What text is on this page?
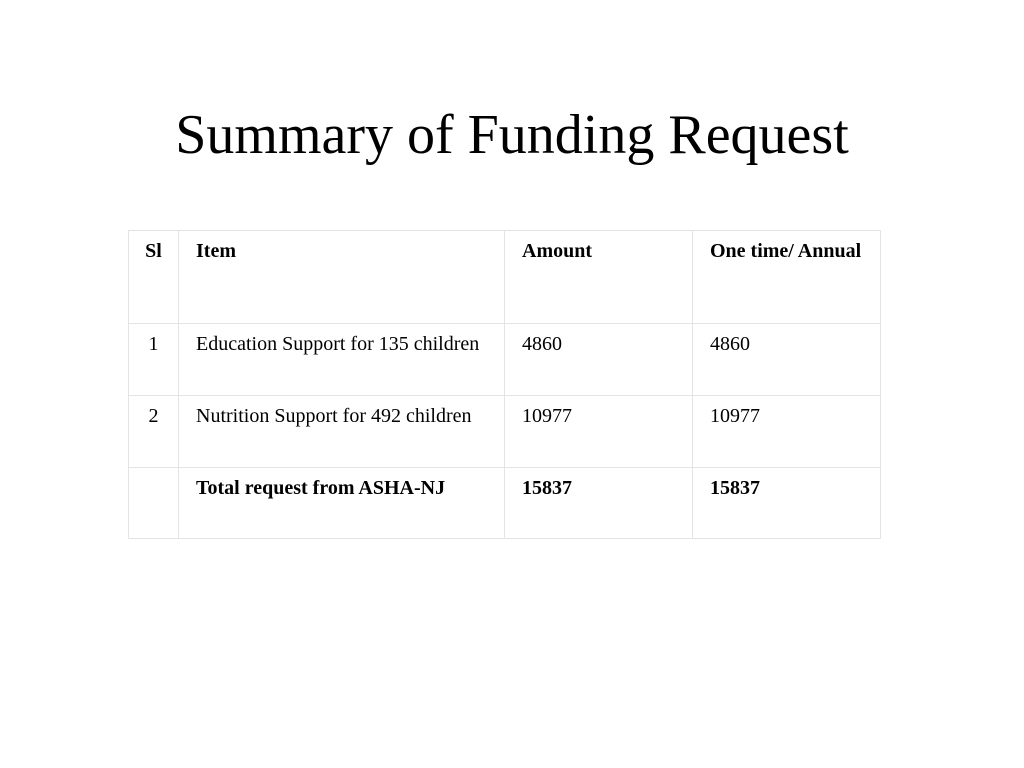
Summary of Funding Request
Sl	Item	Amount	One time/ Annual
1	Education Support for 135 children	4860	4860
2	Nutrition Support for 492 children	10977	10977
	Total request from ASHA-NJ	15837	15837
